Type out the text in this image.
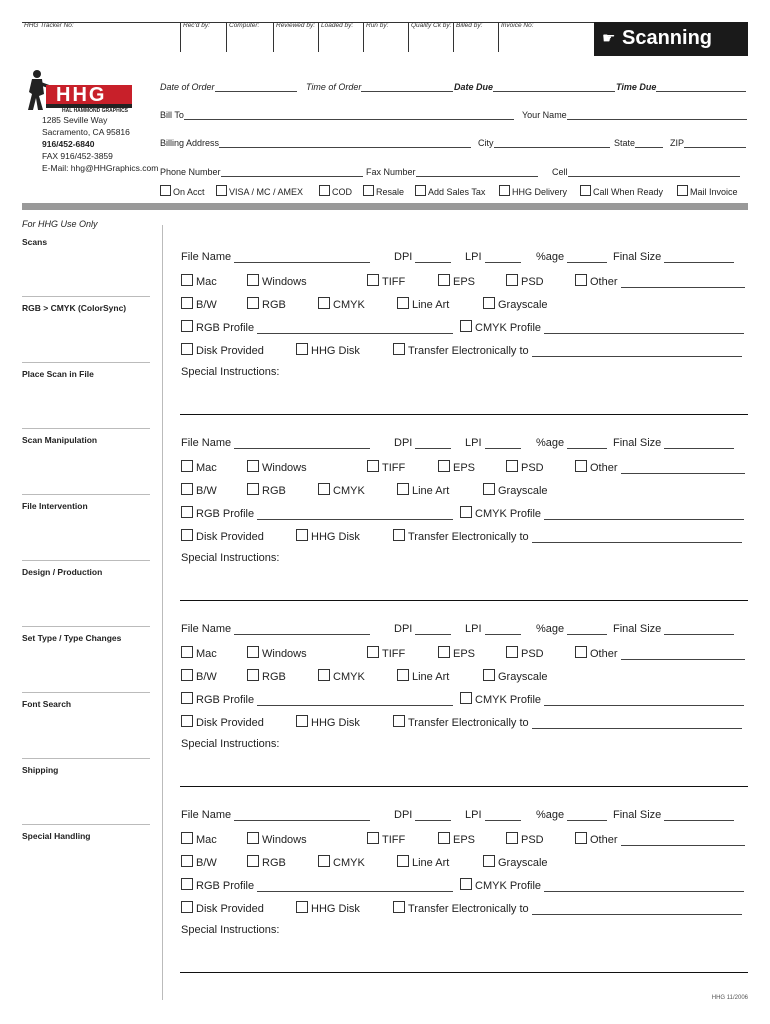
HHG Tracker No:	Rec'd by:	Computer:	Reviewed by: Loaded by:	Run by:	Quality Ck by: Billed by:	Invoice No:
☛ Scanning
HHG
HAL HAMMOND GRAPHICS
1285 Seville Way
Sacramento, CA 95816
916/452-6840
FAX 916/452-3859
E-Mail: hhg@HHGraphics.com
Date of Order	Time of Order	Date Due	Time Due
Bill To	Your Name
Billing Address	City	State	ZIP
Phone Number	Fax Number	Cell
On Acct	VISA / MC / AMEX	COD	Resale	Add Sales Tax	HHG Delivery	Call When Ready	Mail Invoice
For HHG Use Only
Scans
RGB > CMYK (ColorSync)
Place Scan in File
Scan Manipulation
File Intervention
Design / Production
Set Type / Type Changes
Font Search
Shipping
Special Handling
File Name	DPI	LPI	%age	Final Size
Mac	Windows	TIFF	EPS	PSD	Other
B/W	RGB	CMYK	Line Art	Grayscale
RGB Profile	CMYK Profile
Disk Provided	HHG Disk	Transfer Electronically to
Special Instructions:
File Name	DPI	LPI	%age	Final Size
Mac	Windows	TIFF	EPS	PSD	Other
B/W	RGB	CMYK	Line Art	Grayscale
RGB Profile	CMYK Profile
Disk Provided	HHG Disk	Transfer Electronically to
Special Instructions:
File Name	DPI	LPI	%age	Final Size
Mac	Windows	TIFF	EPS	PSD	Other
B/W	RGB	CMYK	Line Art	Grayscale
RGB Profile	CMYK Profile
Disk Provided	HHG Disk	Transfer Electronically to
Special Instructions:
File Name	DPI	LPI	%age	Final Size
Mac	Windows	TIFF	EPS	PSD	Other
B/W	RGB	CMYK	Line Art	Grayscale
RGB Profile	CMYK Profile
Disk Provided	HHG Disk	Transfer Electronically to
Special Instructions:
HHG 11/2006
